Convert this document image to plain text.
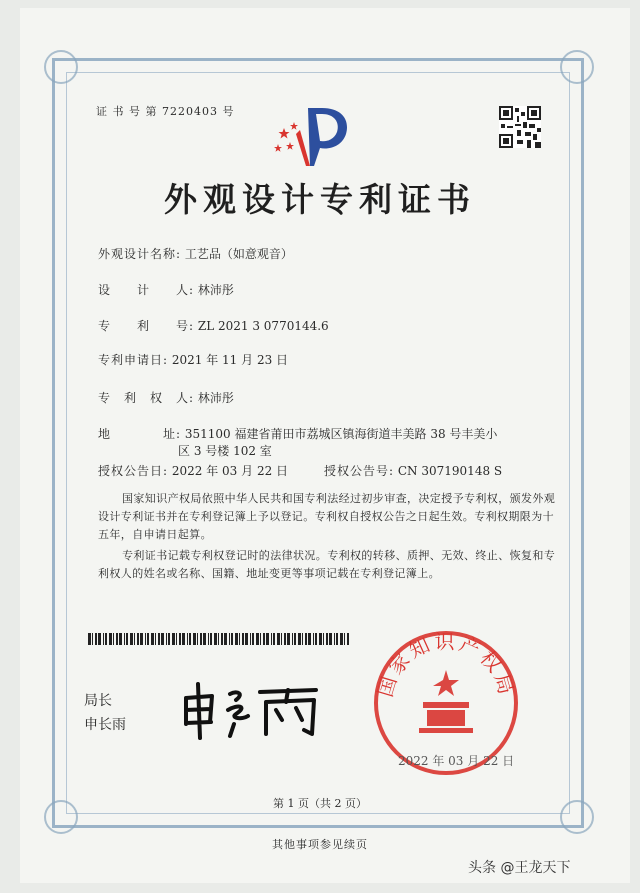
证 书 号 第 7220403 号
外观设计专利证书
外观设计名称: 工艺品（如意观音）
设　　计　　人: 林沛彤
专　　利　　号: ZL 2021 3 0770144.6
专利申请日: 2021 年 11 月 23 日
专　利　权　人: 林沛彤
地　　　　址: 351100 福建省莆田市荔城区镇海街道丰美路 38 号丰美小
区 3 号楼 102 室
授权公告日: 2022 年 03 月 22 日	授权公告号: CN 307190148 S
国家知识产权局依照中华人民共和国专利法经过初步审查，决定授予专利权，颁发外观设计专利证书并在专利登记簿上予以登记。专利权自授权公告之日起生效。专利权期限为十五年，自申请日起算。
专利证书记载专利权登记时的法律状况。专利权的转移、质押、无效、终止、恢复和专利权人的姓名或名称、国籍、地址变更等事项记载在专利登记簿上。
局长
申长雨
国家知识产权局
2022 年 03 月 22 日
第 1 页（共 2 页）
其他事项参见续页
头条 @王龙天下
